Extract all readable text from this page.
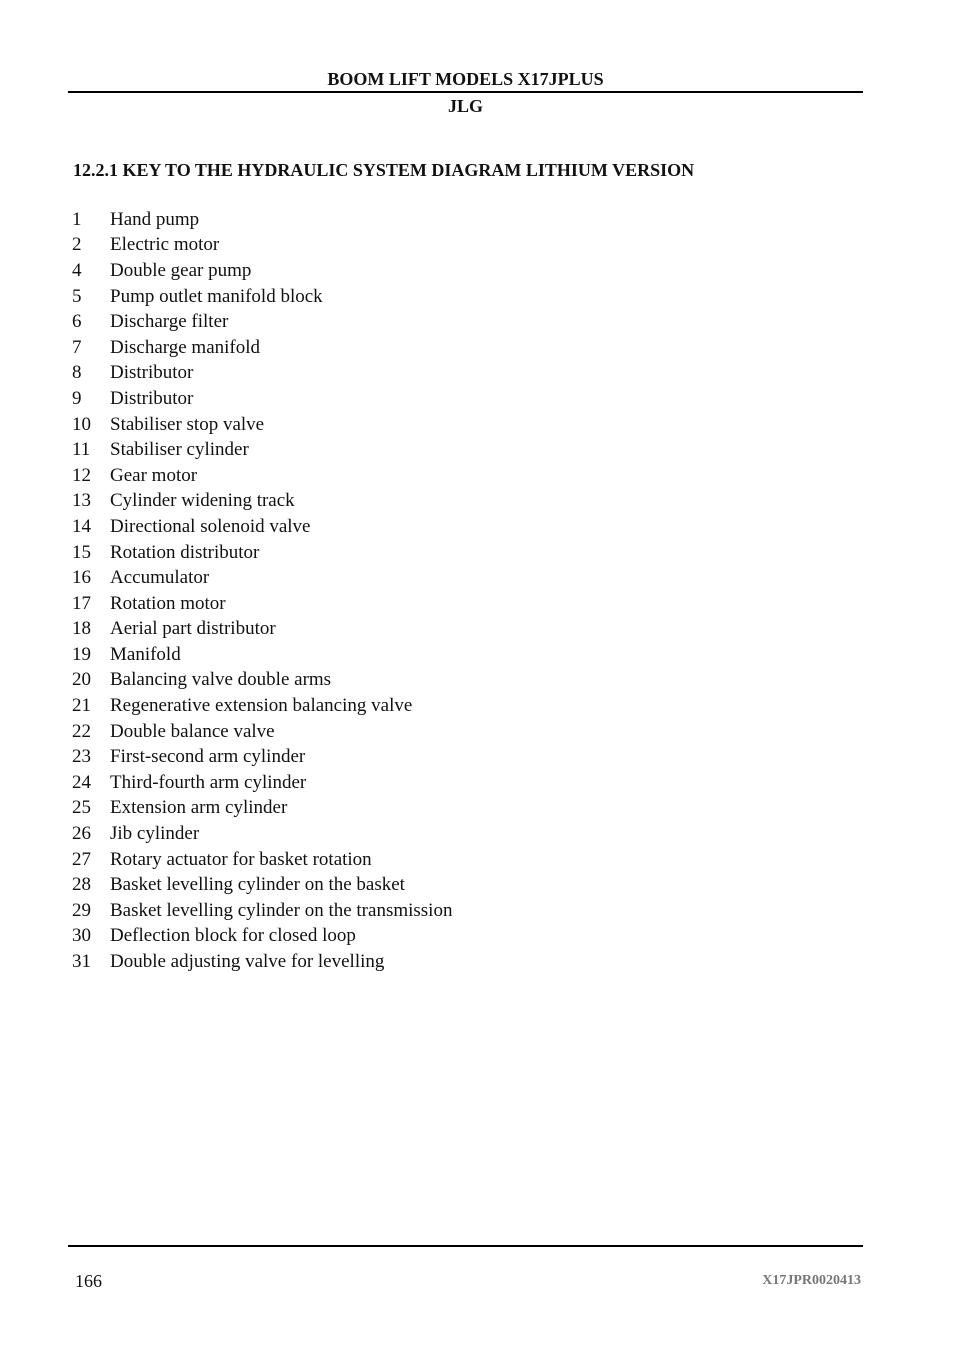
BOOM LIFT MODELS X17JPLUS
JLG
12.2.1 KEY TO THE HYDRAULIC SYSTEM DIAGRAM LITHIUM VERSION
1	Hand pump
2	Electric motor
4	Double gear pump
5	Pump outlet manifold block
6	Discharge filter
7	Discharge manifold
8	Distributor
9	Distributor
10	Stabiliser stop valve
11	Stabiliser cylinder
12	Gear motor
13	Cylinder widening track
14	Directional solenoid valve
15	Rotation distributor
16	Accumulator
17	Rotation motor
18	Aerial part distributor
19	Manifold
20	Balancing valve double arms
21	Regenerative extension balancing valve
22	Double balance valve
23	First-second arm cylinder
24	Third-fourth arm cylinder
25	Extension arm cylinder
26	Jib cylinder
27	Rotary actuator for basket rotation
28	Basket levelling cylinder on the basket
29	Basket levelling cylinder on the transmission
30	Deflection block for closed loop
31	Double adjusting valve for levelling
166	X17JPR0020413
